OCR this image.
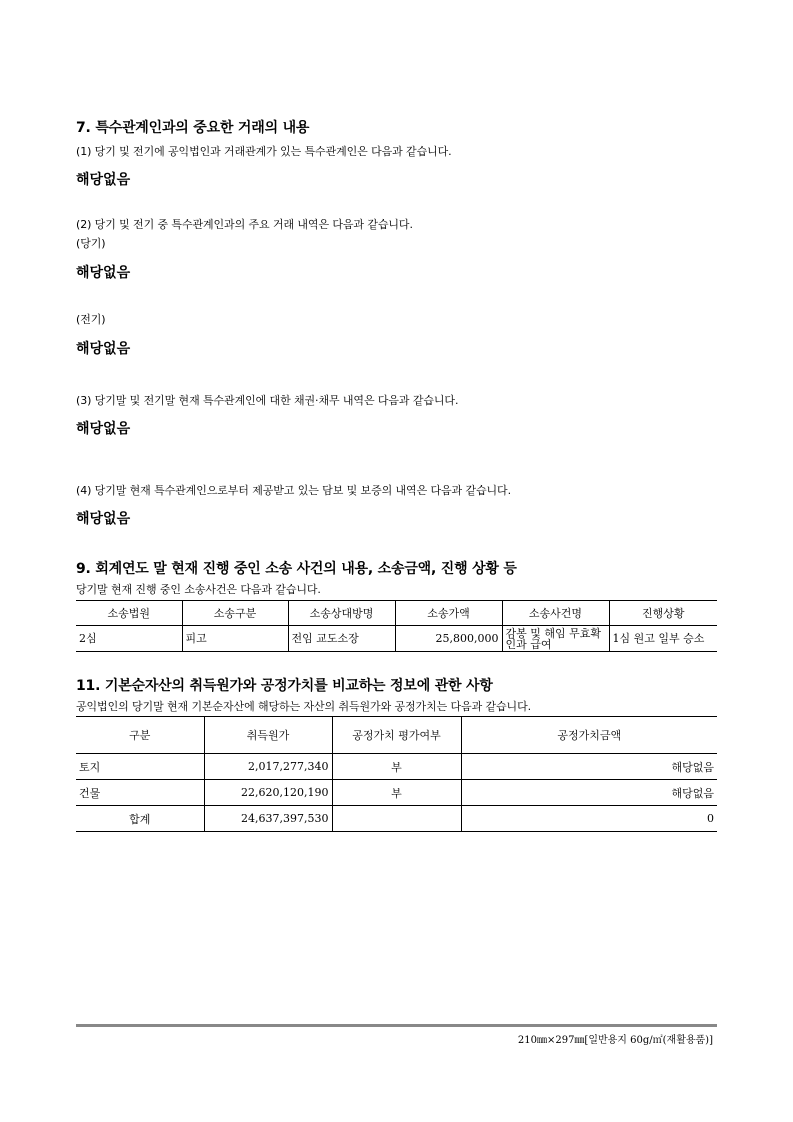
7. 특수관계인과의 중요한 거래의 내용
(1) 당기 및 전기에 공익법인과 거래관계가 있는 특수관계인은 다음과 같습니다.
해당없음
(2) 당기 및 전기 중 특수관계인과의 주요 거래 내역은 다음과 같습니다.
(당기)
해당없음
(전기)
해당없음
(3) 당기말 및 전기말 현재 특수관계인에 대한 채권·채무 내역은 다음과 같습니다.
해당없음
(4) 당기말 현재 특수관계인으로부터 제공받고 있는 담보 및 보증의 내역은 다음과 같습니다.
해당없음
9. 회계연도 말 현재 진행 중인 소송 사건의 내용, 소송금액, 진행 상황 등
당기말 현재 진행 중인 소송사건은 다음과 같습니다.
소송법원	소송구분	소송상대방명	소송가액	소송사건명	진행상황
2심	피고	전임 교도소장	25,800,000	감봉 및 해임 무효확인과 급여	1심 원고 일부 승소
11. 기본순자산의 취득원가와 공정가치를 비교하는 정보에 관한 사항
공익법인의 당기말 현재 기본순자산에 해당하는 자산의 취득원가와 공정가치는 다음과 같습니다.
구분	취득원가	공정가치 평가여부	공정가치금액
토지	2,017,277,340	부	해당없음
건물	22,620,120,190	부	해당없음
합계	24,637,397,530		0
210㎜×297㎜[일반용지 60g/㎡(재활용품)]
